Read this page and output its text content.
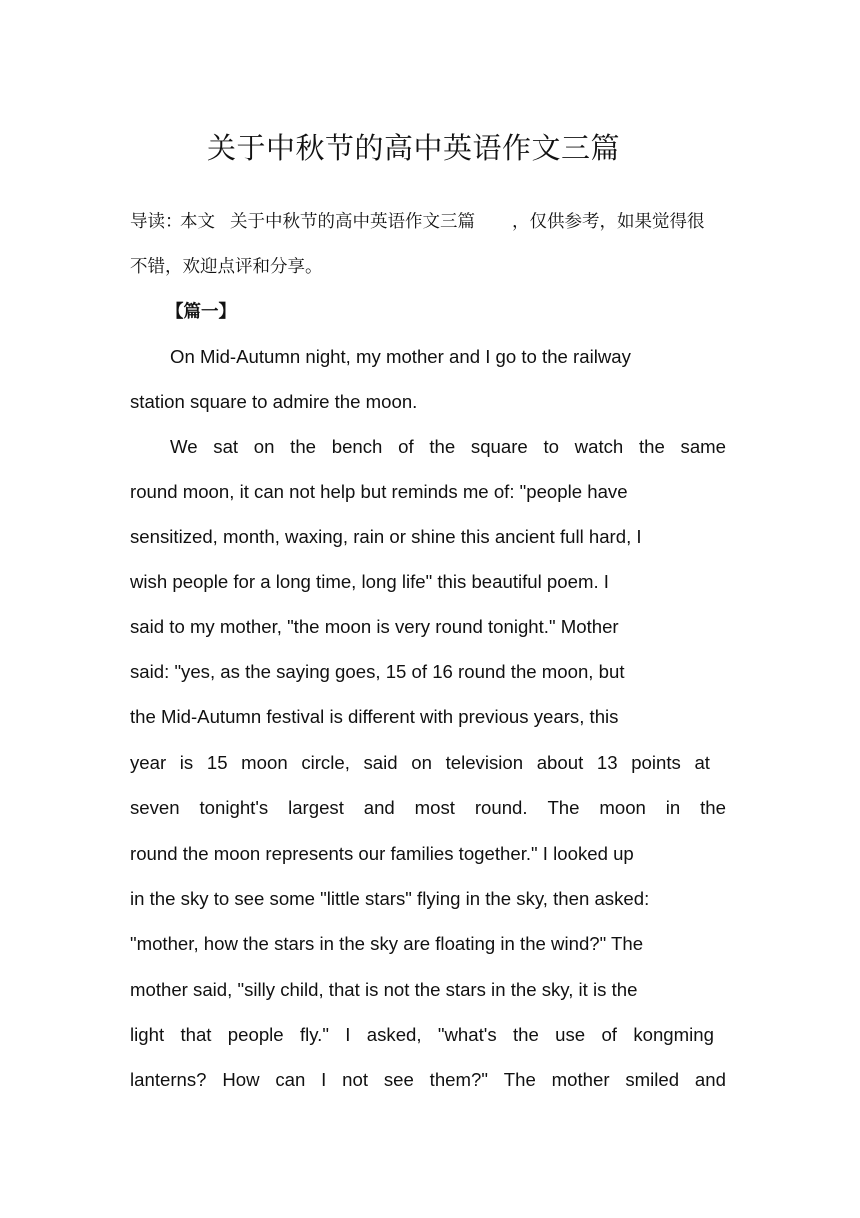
关于中秋节的高中英语作文三篇
导读：
本文 关于中秋节的高中英语作文三篇 ，仅供参考，如果觉得很
不错，欢迎点评和分享。
【篇一】
On Mid-Autumn night, my mother and I go to the railway
station square to admire the moon.
We sat on the bench of the square to watch the same
round moon, it can not help but reminds me of: "people have
sensitized, month, waxing, rain or shine this ancient full hard, I
wish people for a long time, long life" this beautiful poem. I
said to my mother, "the moon is very round tonight." Mother
said: "yes, as the saying goes, 15 of 16 round the moon, but
the Mid-Autumn festival is different with previous years, this
year is 15 moon circle, said on television about 13 points at
seven tonight's largest and most round. The moon in the
round the moon represents our families together." I looked up
in the sky to see some "little stars" flying in the sky, then asked:
"mother, how the stars in the sky are floating in the wind?" The
mother said, "silly child, that is not the stars in the sky, it is the
light that people fly." I asked, "what's the use of kongming
lanterns? How can I not see them?" The mother smiled and
